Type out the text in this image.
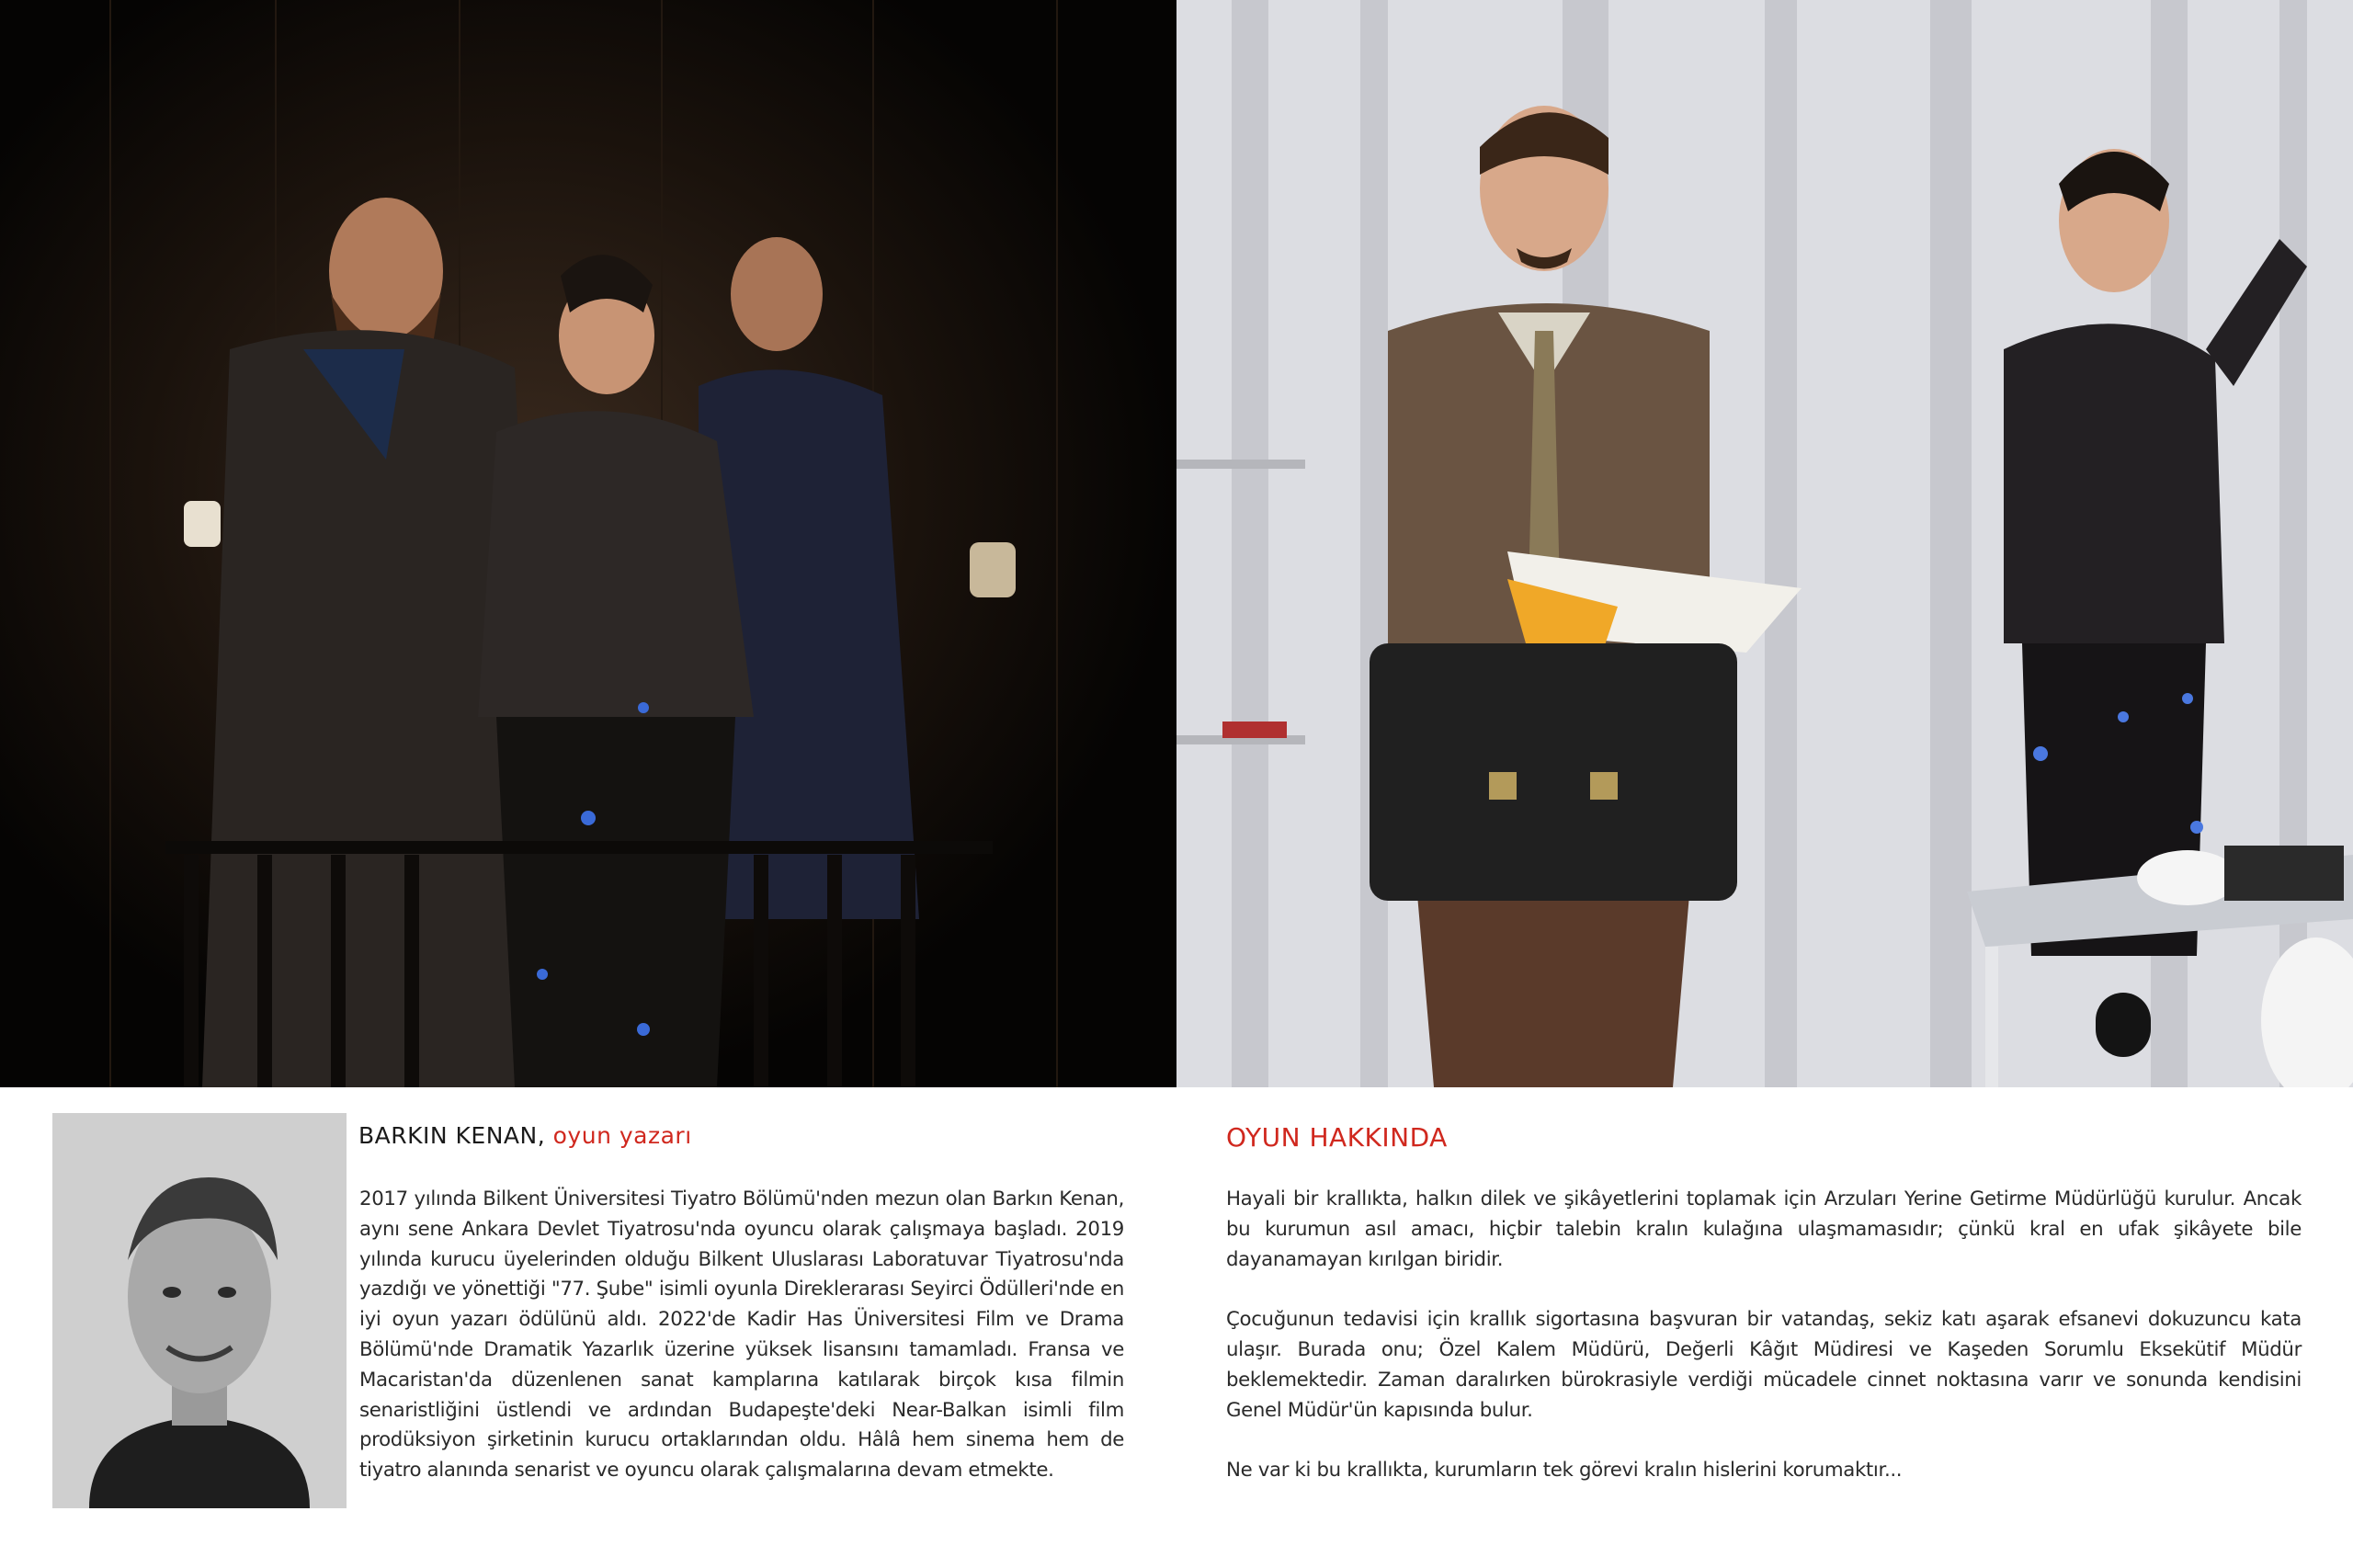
BARKIN KENAN, oyun yazarı
2017 yılında Bilkent Üniversitesi Tiyatro Bölümü'nden mezun olan Barkın Kenan, aynı sene Ankara Devlet Tiyatrosu'nda oyuncu olarak çalışmaya başladı. 2019 yılında kurucu üyelerinden olduğu Bilkent Uluslarası Laboratuvar Tiyatrosu'nda yazdığı ve yönettiği "77. Şube" isimli oyunla Direklerarası Seyirci Ödülleri'nde en iyi oyun yazarı ödülünü aldı. 2022'de Kadir Has Üniversitesi Film ve Drama Bölümü'nde Dramatik Yazarlık üzerine yüksek lisansını tamamladı. Fransa ve Macaristan'da düzenlenen sanat kamplarına katılarak birçok kısa filmin senaristliğini üstlendi ve ardından Budapeşte'deki Near-Balkan isimli film prodüksiyon şirketinin kurucu ortaklarından oldu. Hâlâ hem sinema hem de tiyatro alanında senarist ve oyuncu olarak çalışmalarına devam etmekte.
OYUN HAKKINDA

Hayali bir krallıkta, halkın dilek ve şikâyetlerini toplamak için Arzuları Yerine Getirme Müdürlüğü kurulur. Ancak bu kurumun asıl amacı, hiçbir talebin kralın kulağına ulaşmamasıdır; çünkü kral en ufak şikâyete bile dayanamayan kırılgan biridir.

Çocuğunun tedavisi için krallık sigortasına başvuran bir vatandaş, sekiz katı aşarak efsanevi dokuzuncu kata ulaşır. Burada onu; Özel Kalem Müdürü, Değerli Kâğıt Müdiresi ve Kaşeden Sorumlu Eksekütif Müdür beklemektedir. Zaman daralırken bürokrasiyle verdiği mücadele cinnet noktasına varır ve sonunda kendisini Genel Müdür'ün kapısında bulur.

Ne var ki bu krallıkta, kurumların tek görevi kralın hislerini korumaktır...
